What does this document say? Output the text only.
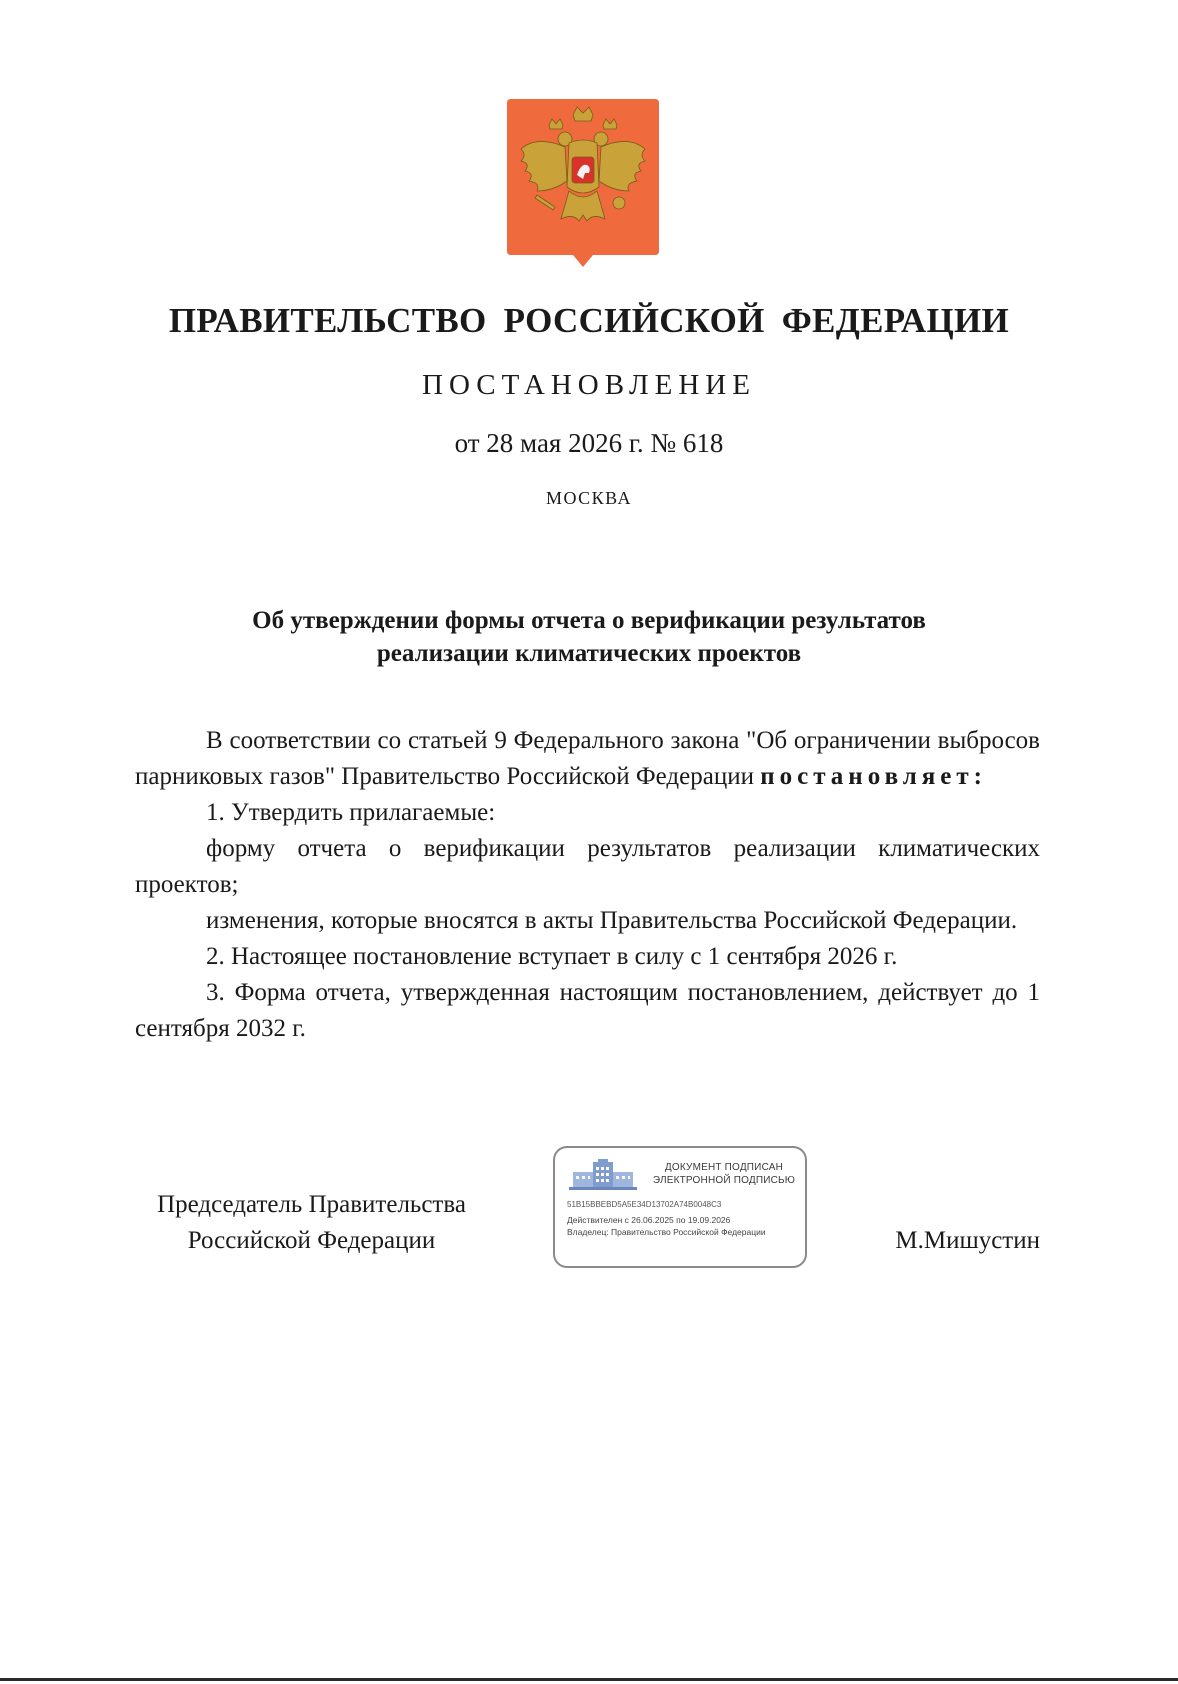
ПРАВИТЕЛЬСТВО РОССИЙСКОЙ ФЕДЕРАЦИИ
ПОСТАНОВЛЕНИЕ
от 28 мая 2026 г. № 618
МОСКВА
Об утверждении формы отчета о верификации результатов
реализации климатических проектов

В соответствии со статьей 9 Федерального закона "Об ограничении выбросов парниковых газов" Правительство Российской Федерации постановляет:

1. Утвердить прилагаемые:

форму отчета о верификации результатов реализации климатических проектов;

изменения, которые вносятся в акты Правительства Российской Федерации.

2. Настоящее постановление вступает в силу с 1 сентября 2026 г.

3. Форма отчета, утвержденная настоящим постановлением, действует до 1 сентября 2032 г.

Председатель Правительства
Российской Федерации
ДОКУМЕНТ ПОДПИСАН
ЭЛЕКТРОННОЙ ПОДПИСЬЮ
51B15BBEBD5A5E34D13702A74B0048C3
Действителен с 26.06.2025 по 19.09.2026
Владелец: Правительство Российской Федерации	М.Мишустин
